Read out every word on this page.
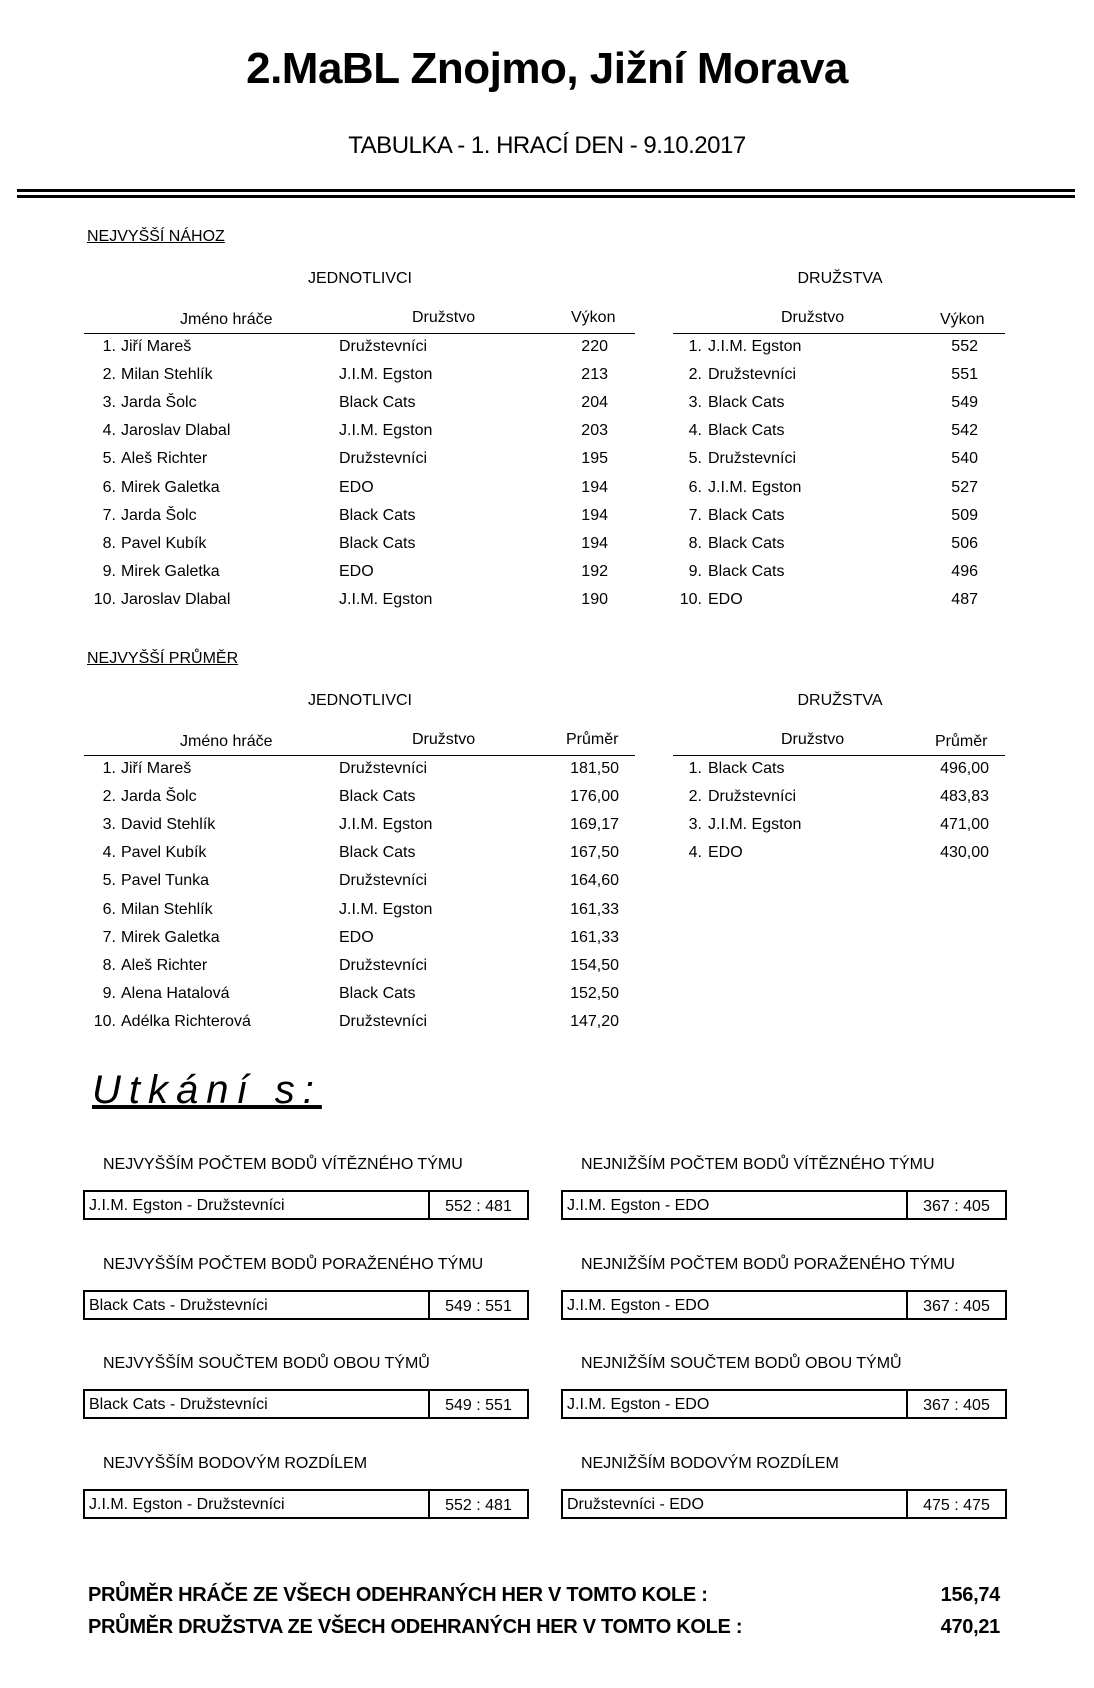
2.MaBL Znojmo, Jižní Morava
TABULKA - 1. HRACÍ DEN - 9.10.2017
NEJVYŠŠÍ NÁHOZ
JEDNOTLIVCI	DRUŽSTVA
Jméno hráče	Družstvo	Výkon	Družstvo	Výkon
1. Jiří Mareš	Družstevníci	220
2. Milan Stehlík	J.I.M. Egston	213
3. Jarda Šolc	Black Cats	204
4. Jaroslav Dlabal	J.I.M. Egston	203
5. Aleš Richter	Družstevníci	195
6. Mirek Galetka	EDO	194
7. Jarda Šolc	Black Cats	194
8. Pavel Kubík	Black Cats	194
9. Mirek Galetka	EDO	192
10. Jaroslav Dlabal	J.I.M. Egston	190
1. J.I.M. Egston	552
2. Družstevníci	551
3. Black Cats	549
4. Black Cats	542
5. Družstevníci	540
6. J.I.M. Egston	527
7. Black Cats	509
8. Black Cats	506
9. Black Cats	496
10. EDO	487
NEJVYŠŠÍ PRŮMĚR
JEDNOTLIVCI	DRUŽSTVA
Jméno hráče	Družstvo	Průměr	Družstvo	Průměr
1. Jiří Mareš	Družstevníci	181,50
2. Jarda Šolc	Black Cats	176,00
3. David Stehlík	J.I.M. Egston	169,17
4. Pavel Kubík	Black Cats	167,50
5. Pavel Tunka	Družstevníci	164,60
6. Milan Stehlík	J.I.M. Egston	161,33
7. Mirek Galetka	EDO	161,33
8. Aleš Richter	Družstevníci	154,50
9. Alena Hatalová	Black Cats	152,50
10. Adélka Richterová	Družstevníci	147,20
1. Black Cats	496,00
2. Družstevníci	483,83
3. J.I.M. Egston	471,00
4. EDO	430,00
Utkání s:
NEJVYŠŠÍM POČTEM BODŮ VÍTĚZNÉHO TÝMU
J.I.M. Egston - Družstevníci	552 : 481
NEJVYŠŠÍM POČTEM BODŮ PORAŽENÉHO TÝMU
Black Cats - Družstevníci	549 : 551
NEJVYŠŠÍM SOUČTEM BODŮ OBOU TÝMŮ
Black Cats - Družstevníci	549 : 551
NEJVYŠŠÍM BODOVÝM ROZDÍLEM
J.I.M. Egston - Družstevníci	552 : 481
NEJNIŽŠÍM POČTEM BODŮ VÍTĚZNÉHO TÝMU
J.I.M. Egston - EDO	367 : 405
NEJNIŽŠÍM POČTEM BODŮ PORAŽENÉHO TÝMU
J.I.M. Egston - EDO	367 : 405
NEJNIŽŠÍM SOUČTEM BODŮ OBOU TÝMŮ
J.I.M. Egston - EDO	367 : 405
NEJNIŽŠÍM BODOVÝM ROZDÍLEM
Družstevníci - EDO	475 : 475
PRŮMĚR HRÁČE ZE VŠECH ODEHRANÝCH HER V TOMTO KOLE :	156,74
PRŮMĚR DRUŽSTVA ZE VŠECH ODEHRANÝCH HER V TOMTO KOLE :	470,21
